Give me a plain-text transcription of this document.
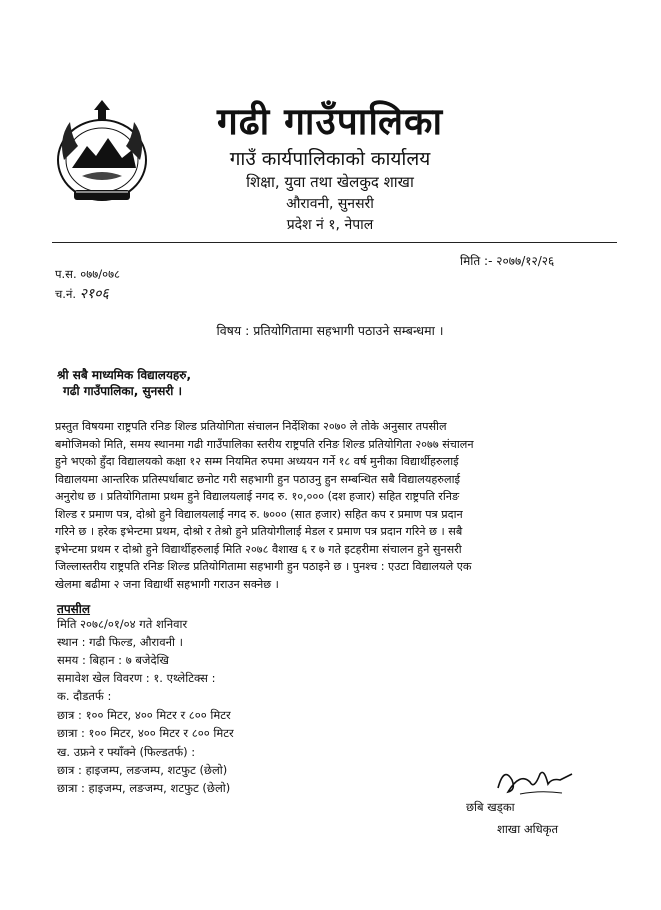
गढी गाउँपालिका
गाउँ कार्यपालिकाको कार्यालय
शिक्षा, युवा तथा खेलकुद शाखा
औरावनी, सुनसरी
प्रदेश नं १, नेपाल
मिति :- २०७७/१२/२६
प.स. ०७७/०७८
च.नं. २१०६
विषय : प्रतियोगितामा सहभागी पठाउने सम्बन्धमा ।
श्री सबै माध्यमिक विद्यालयहरु,
गढी गाउँपालिका, सुनसरी ।
प्रस्तुत विषयमा राष्ट्रपति रनिङ शिल्ड प्रतियोगिता संचालन निर्देशिका २०७० ले तोके अनुसार तपसील
बमोजिमको मिति, समय स्थानमा गढी गाउँपालिका स्तरीय राष्ट्रपति रनिङ शिल्ड प्रतियोगिता २०७७ संचालन
हुने भएको हुँदा विद्यालयको कक्षा १२ सम्म नियमित रुपमा अध्ययन गर्ने १८ वर्ष मुनीका विद्यार्थीहरुलाई
विद्यालयमा आन्तरिक प्रतिस्पर्धाबाट छनोट गरी सहभागी हुन पठाउनु हुन सम्बन्धित सबै विद्यालयहरुलाई
अनुरोध छ । प्रतियोगितामा प्रथम हुने विद्यालयलाई नगद रु. १०,००० (दश हजार) सहित राष्ट्रपति रनिङ
शिल्ड र प्रमाण पत्र, दोश्रो हुने विद्यालयलाई नगद रु. ७००० (सात हजार) सहित कप र प्रमाण पत्र प्रदान
गरिने छ । हरेक इभेन्टमा प्रथम, दोश्रो र तेश्रो हुने प्रतियोगीलाई मेडल र प्रमाण पत्र प्रदान गरिने छ । सबै
इभेन्टमा प्रथम र दोश्रो हुने विद्यार्थीहरुलाई मिति २०७८ वैशाख ६ र ७ गते इटहरीमा संचालन हुने सुनसरी
जिल्लास्तरीय राष्ट्रपति रनिङ शिल्ड प्रतियोगितामा सहभागी हुन पठाइने छ । पुनश्च : एउटा विद्यालयले एक
खेलमा बढीमा २ जना विद्यार्थी सहभागी गराउन सक्नेछ ।
तपसील
मिति २०७८/०१/०४ गते शनिवार
स्थान : गढी फिल्ड, औरावनी ।
समय : बिहान : ७ बजेदेखि
समावेश खेल विवरण : १. एथ्लेटिक्स :
क. दौडतर्फ :
छात्र : १०० मिटर, ४०० मिटर र ८०० मिटर
छात्रा : १०० मिटर, ४०० मिटर र ८०० मिटर
ख. उफ्रने र फ्याँक्ने (फिल्डतर्फ) :
छात्र : हाइजम्प, लङजम्प, शटफुट (छेलो)
छात्रा : हाइजम्प, लङजम्प, शटफुट (छेलो)
छबि खड्का
शाखा अधिकृत
